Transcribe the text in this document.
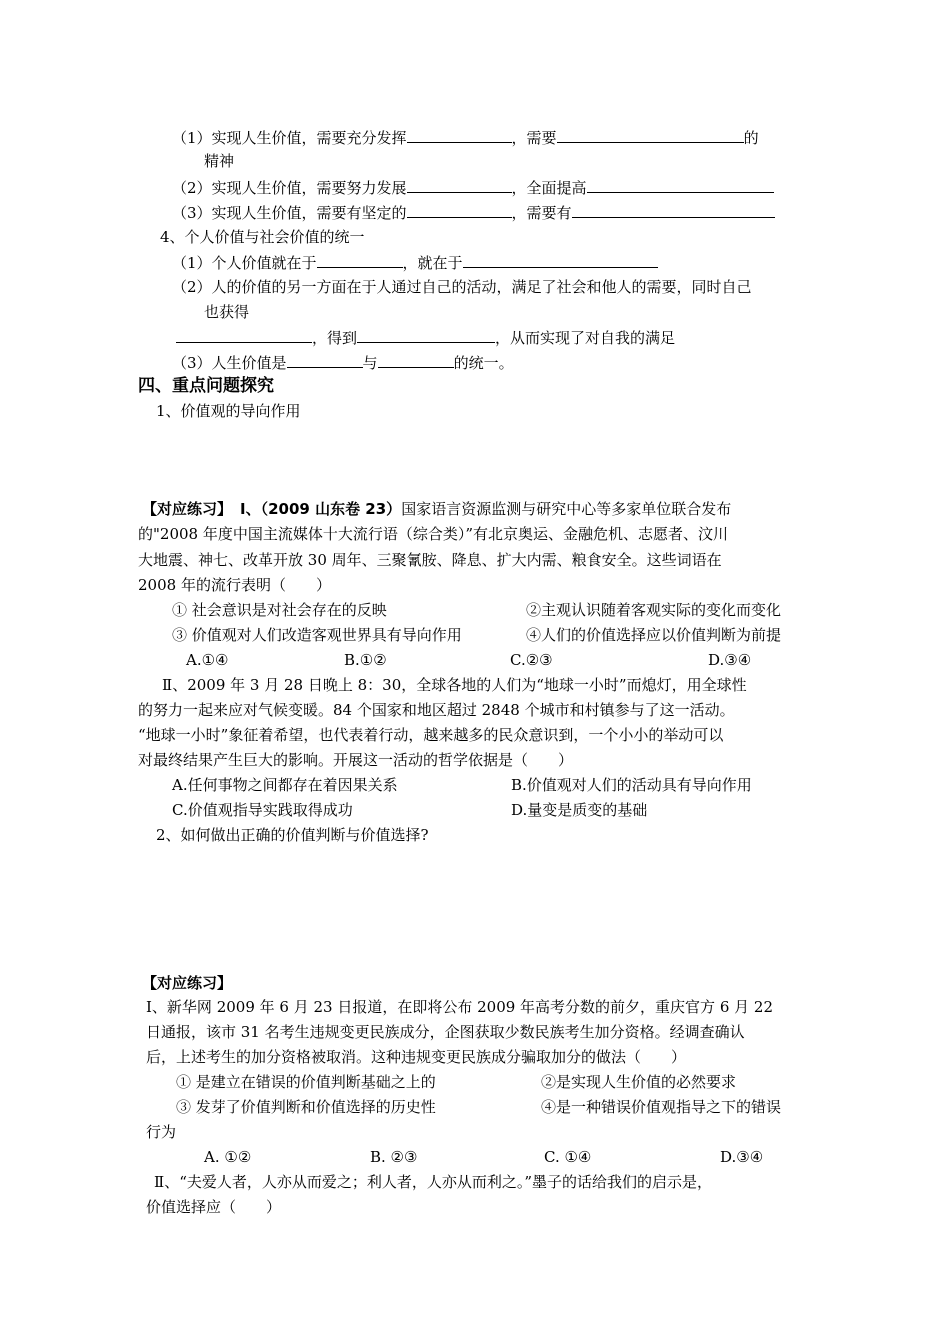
（1）实现人生价值，需要充分发挥	，需要	的
精神
（2）实现人生价值，需要努力发展	，全面提高
（3）实现人生价值，需要有坚定的	，需要有
4、个人价值与社会价值的统一
（1）个人价值就在于	，就在于
（2）人的价值的另一方面在于人通过自己的活动，满足了社会和他人的需要，同时自己
也获得
，得到	，从而实现了对自我的满足
（3）人生价值是	与	的统一。
四、重点问题探究
1、价值观的导向作用
【对应练习】 Ⅰ、（2009 山东卷 23）国家语言资源监测与研究中心等多家单位联合发布
的"2008 年度中国主流媒体十大流行语（综合类）”有北京奥运、金融危机、志愿者、汶川
大地震、神七、改革开放 30 周年、三聚氰胺、降息、扩大内需、粮食安全。这些词语在
2008 年的流行表明（　　）
① 社会意识是对社会存在的反映	②主观认识随着客观实际的变化而变化
③ 价值观对人们改造客观世界具有导向作用	④人们的价值选择应以价值判断为前提
A.①④	B.①②	C.②③	D.③④
Ⅱ、2009 年 3 月 28 日晚上 8：30，全球各地的人们为“地球一小时”而熄灯，用全球性
的努力一起来应对气候变暖。84 个国家和地区超过 2848 个城市和村镇参与了这一活动。
“地球一小时”象征着希望，也代表着行动，越来越多的民众意识到，一个小小的举动可以
对最终结果产生巨大的影响。开展这一活动的哲学依据是（　　）
A.任何事物之间都存在着因果关系	B.价值观对人们的活动具有导向作用
C.价值观指导实践取得成功	D.量变是质变的基础
2、如何做出正确的价值判断与价值选择?
【对应练习】
Ⅰ、新华网 2009 年 6 月 23 日报道，在即将公布 2009 年高考分数的前夕，重庆官方 6 月 22
日通报，该市 31 名考生违规变更民族成分，企图获取少数民族考生加分资格。经调查确认
后，上述考生的加分资格被取消。这种违规变更民族成分骗取加分的做法（　　）
① 是建立在错误的价值判断基础之上的	②是实现人生价值的必然要求
③ 发芽了价值判断和价值选择的历史性	④是一种错误价值观指导之下的错误
行为
A. ①②	B. ②③	C. ①④	D.③④
Ⅱ、“夫爱人者，人亦从而爱之；利人者，人亦从而利之。”墨子的话给我们的启示是，
价值选择应（　　）
